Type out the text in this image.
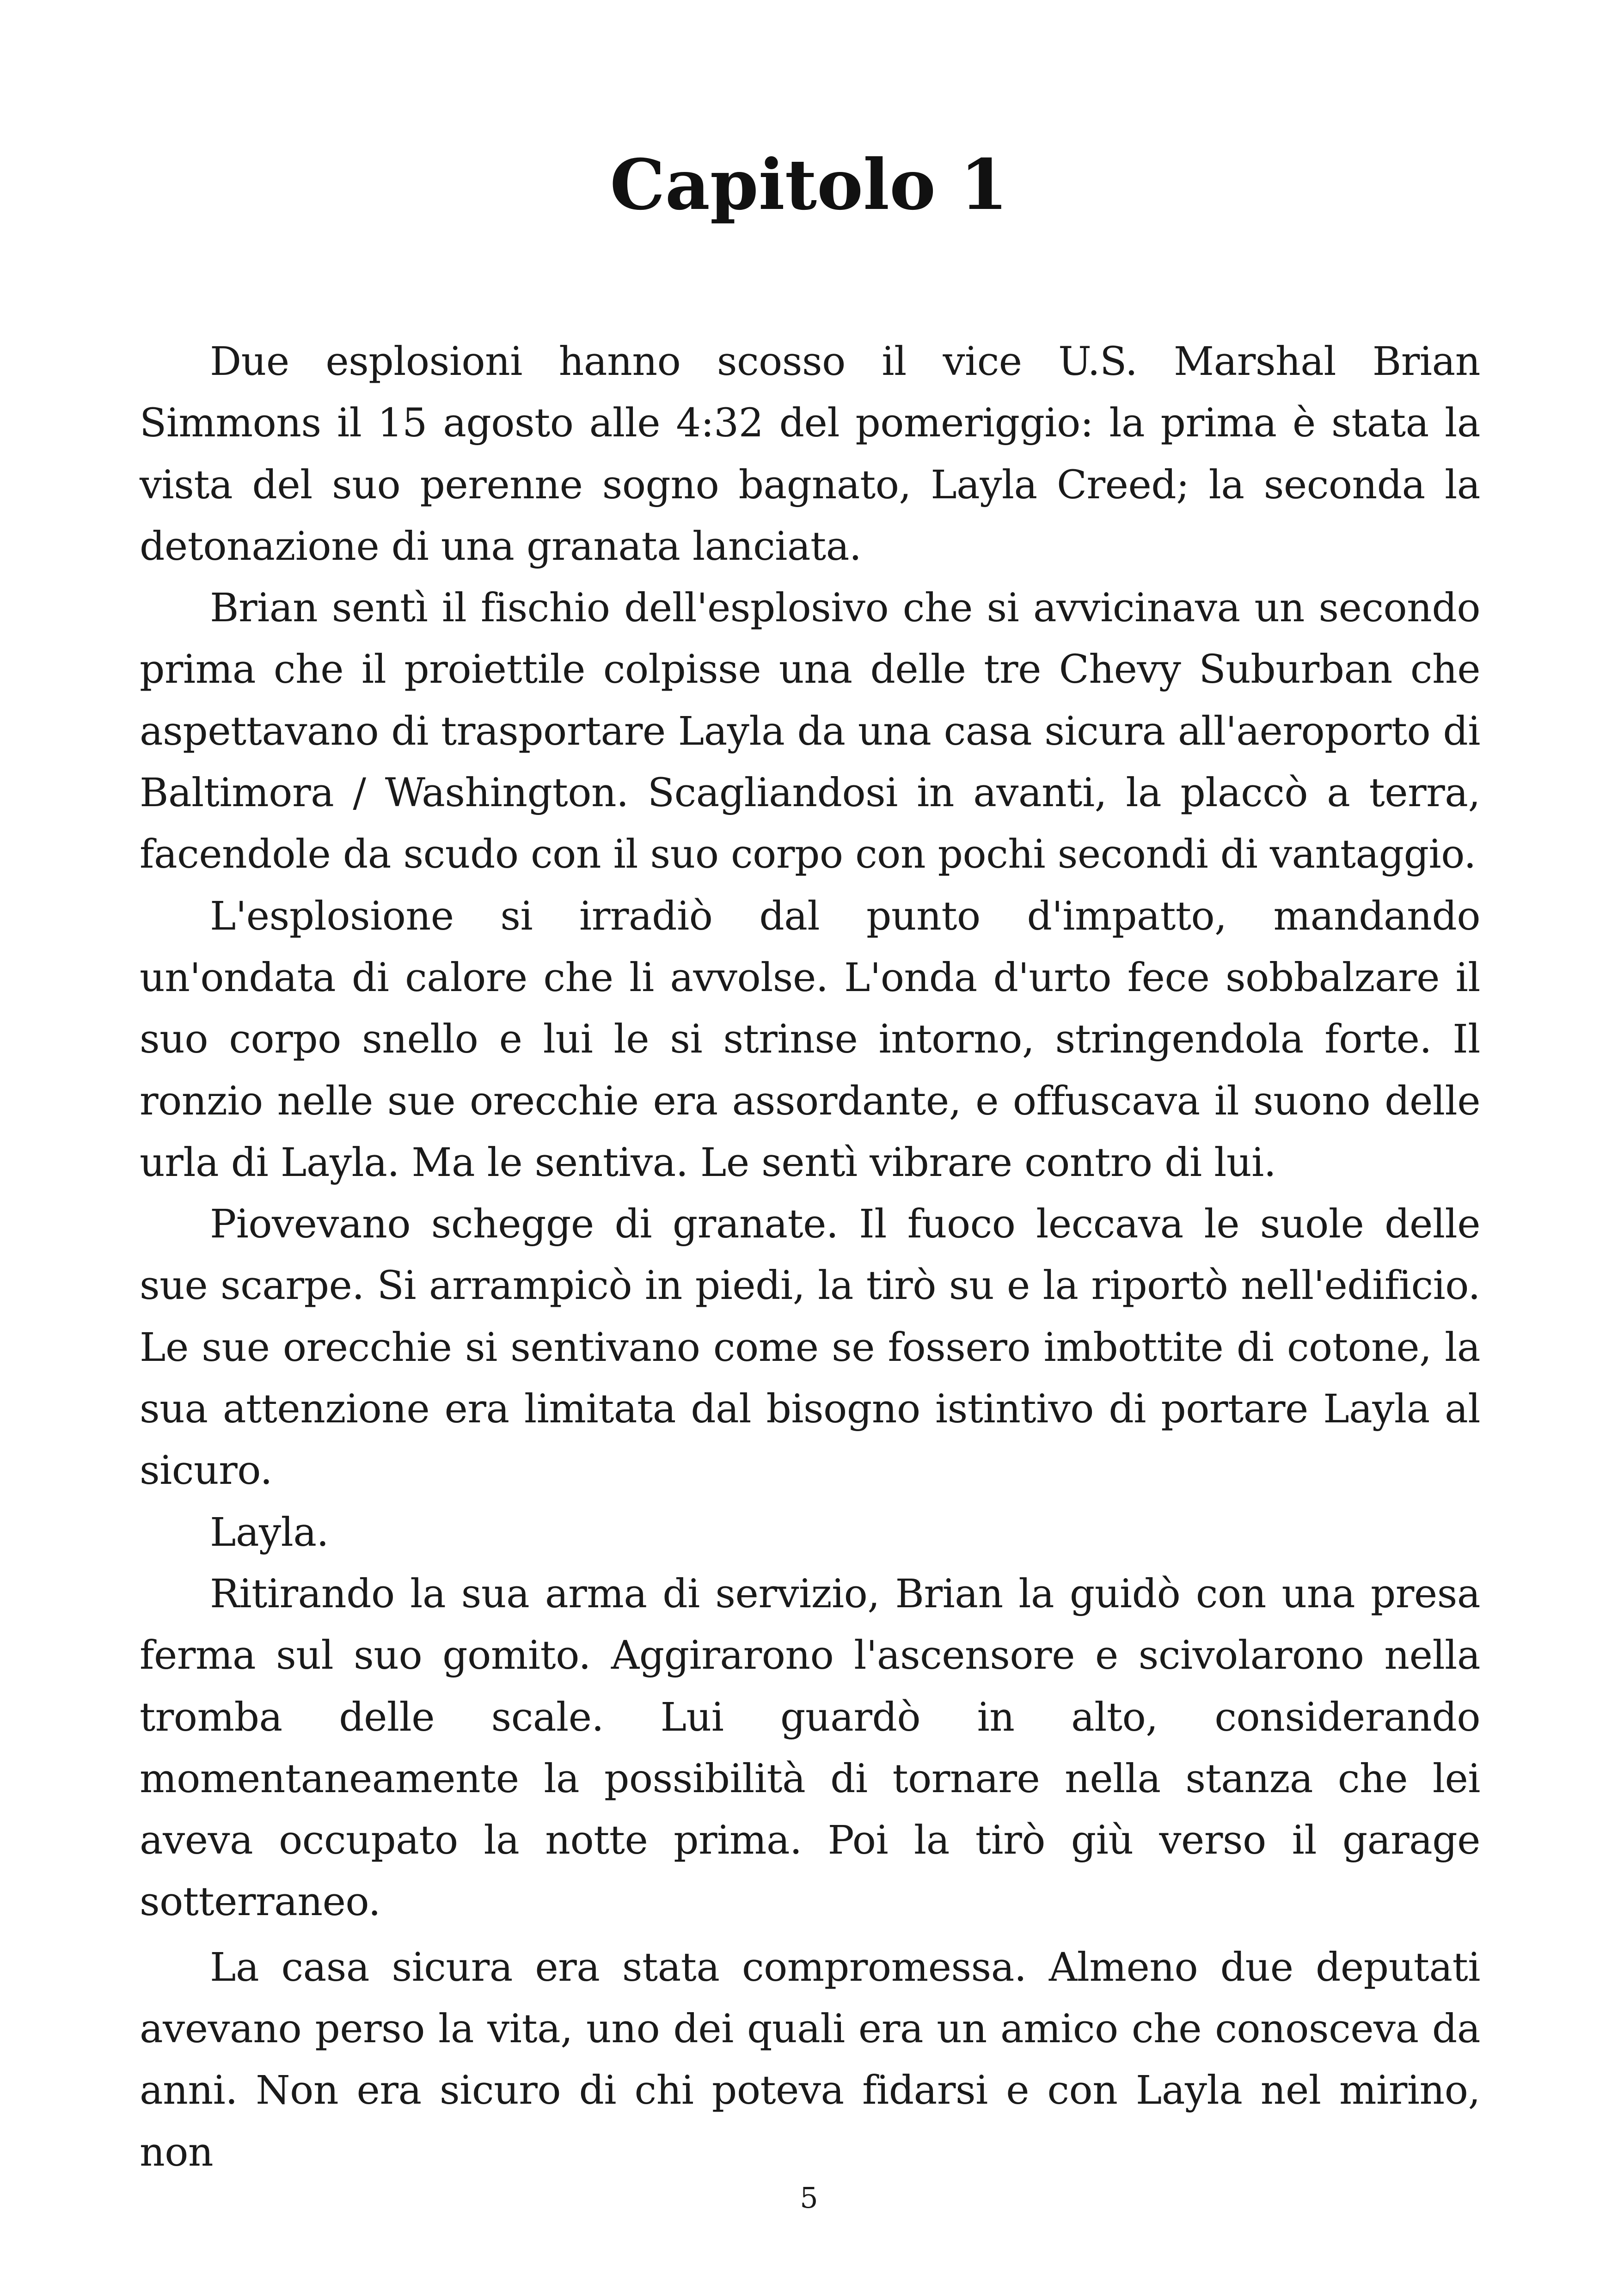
Capitolo 1

Due esplosioni hanno scosso il vice U.S. Marshal Brian Simmons il 15 agosto alle 4:32 del pomeriggio: la prima è stata la vista del suo perenne sogno bagnato, Layla Creed; la seconda la detonazione di una granata lanciata.

Brian sentì il fischio dell'esplosivo che si avvicinava un secondo prima che il proiettile colpisse una delle tre Chevy Suburban che aspettavano di trasportare Layla da una casa sicura all'aeroporto di Baltimora / Washington. Scagliandosi in avanti, la placcò a terra, facendole da scudo con il suo corpo con pochi secondi di vantaggio.

L'esplosione si irradiò dal punto d'impatto, mandando un'ondata di calore che li avvolse. L'onda d'urto fece sobbalzare il suo corpo snello e lui le si strinse intorno, stringendola forte. Il ronzio nelle sue orecchie era assordante, e offuscava il suono delle urla di Layla. Ma le sentiva. Le sentì vibrare contro di lui.

Piovevano schegge di granate. Il fuoco leccava le suole delle sue scarpe. Si arrampicò in piedi, la tirò su e la riportò nell'edificio. Le sue orecchie si sentivano come se fossero imbottite di cotone, la sua attenzione era limitata dal bisogno istintivo di portare Layla al sicuro.

Layla.

Ritirando la sua arma di servizio, Brian la guidò con una presa ferma sul suo gomito. Aggirarono l'ascensore e scivolarono nella tromba delle scale. Lui guardò in alto, considerando momentaneamente la possibilità di tornare nella stanza che lei aveva occupato la notte prima. Poi la tirò giù verso il garage sotterraneo.

La casa sicura era stata compromessa. Almeno due deputati avevano perso la vita, uno dei quali era un amico che conosceva da anni. Non era sicuro di chi poteva fidarsi e con Layla nel mirino, non

5
